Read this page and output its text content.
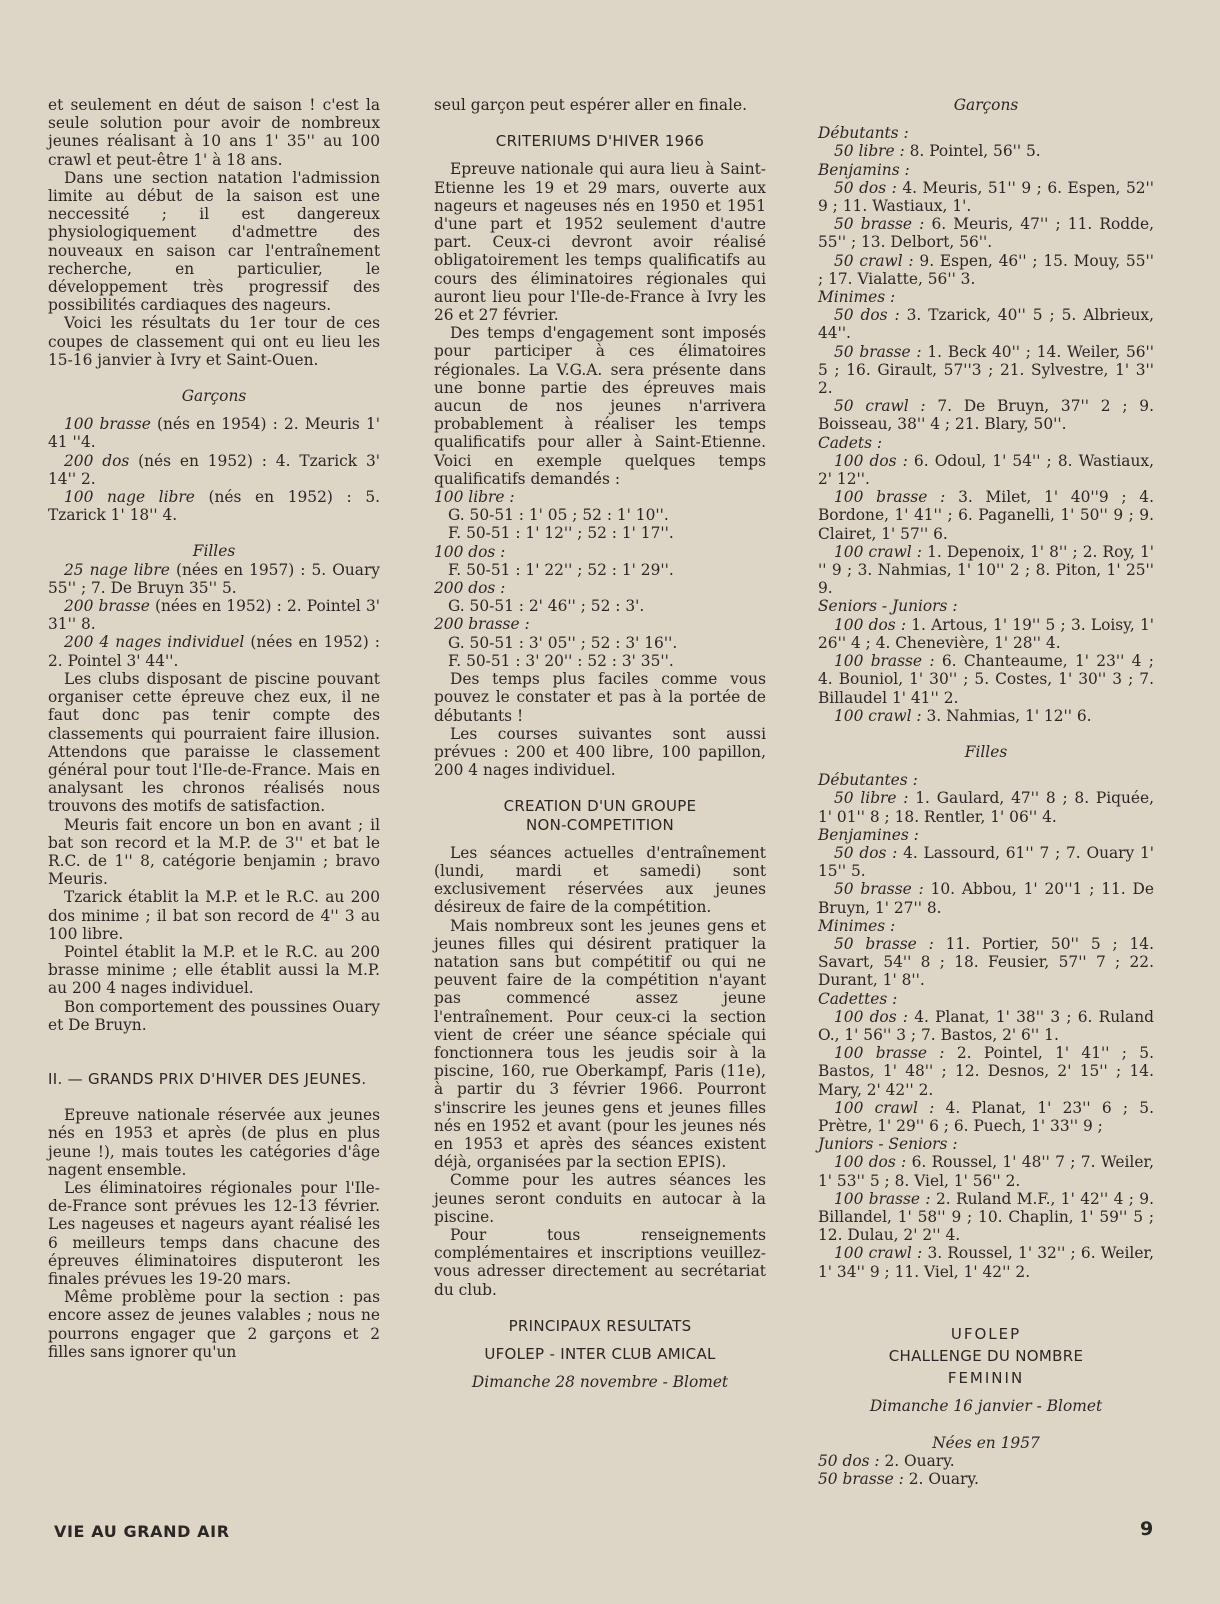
et seulement en déut de saison ! c'est la seule solution pour avoir de nombreux jeunes réalisant à 10 ans 1' 35'' au 100 crawl et peut-être 1' à 18 ans.

Dans une section natation l'admission limite au début de la saison est une neccessité ; il est dangereux physiologiquement d'admettre des nouveaux en saison car l'entraînement recherche, en particulier, le développement très progressif des possibilités cardiaques des nageurs.

Voici les résultats du 1er tour de ces coupes de classement qui ont eu lieu les 15-16 janvier à Ivry et Saint-Ouen.

Garçons

100 brasse (nés en 1954) : 2. Meuris 1' 41 ''4.

200 dos (nés en 1952) : 4. Tzarick 3' 14'' 2.

100 nage libre (nés en 1952) : 5. Tzarick 1' 18'' 4.

Filles

25 nage libre (nées en 1957) : 5. Ouary 55'' ; 7. De Bruyn 35'' 5.

200 brasse (nées en 1952) : 2. Pointel 3' 31'' 8.

200 4 nages individuel (nées en 1952) : 2. Pointel 3' 44''.

Les clubs disposant de piscine pouvant organiser cette épreuve chez eux, il ne faut donc pas tenir compte des classements qui pourraient faire illusion. Attendons que paraisse le classement général pour tout l'Ile-de-France. Mais en analysant les chronos réalisés nous trouvons des motifs de satisfaction.

Meuris fait encore un bon en avant ; il bat son record et la M.P. de 3'' et bat le R.C. de 1'' 8, catégorie benjamin ; bravo Meuris.

Tzarick établit la M.P. et le R.C. au 200 dos minime ; il bat son record de 4'' 3 au 100 libre.

Pointel établit la M.P. et le R.C. au 200 brasse minime ; elle établit aussi la M.P. au 200 4 nages individuel.

Bon comportement des poussines Ouary et De Bruyn.

II. — GRANDS PRIX D'HIVER DES JEUNES.

Epreuve nationale réservée aux jeunes nés en 1953 et après (de plus en plus jeune !), mais toutes les catégories d'âge nagent ensemble.

Les éliminatoires régionales pour l'Ile-de-France sont prévues les 12-13 février. Les nageuses et nageurs ayant réalisé les 6 meilleurs temps dans chacune des épreuves éliminatoires disputeront les finales prévues les 19-20 mars.

Même problème pour la section : pas encore assez de jeunes valables ; nous ne pourrons engager que 2 garçons et 2 filles sans ignorer qu'un

seul garçon peut espérer aller en finale.

CRITERIUMS D'HIVER 1966

Epreuve nationale qui aura lieu à Saint-Etienne les 19 et 29 mars, ouverte aux nageurs et nageuses nés en 1950 et 1951 d'une part et 1952 seulement d'autre part. Ceux-ci devront avoir réalisé obligatoirement les temps qualificatifs au cours des éliminatoires régionales qui auront lieu pour l'Ile-de-France à Ivry les 26 et 27 février.

Des temps d'engagement sont imposés pour participer à ces élimatoires régionales. La V.G.A. sera présente dans une bonne partie des épreuves mais aucun de nos jeunes n'arrivera probablement à réaliser les temps qualificatifs pour aller à Saint-Etienne. Voici en exemple quelques temps qualificatifs demandés :

100 libre :

G. 50-51 : 1' 05 ; 52 : 1' 10''.

F. 50-51 : 1' 12'' ; 52 : 1' 17''.

100 dos :

F. 50-51 : 1' 22'' ; 52 : 1' 29''.

200 dos :

G. 50-51 : 2' 46'' ; 52 : 3'.

200 brasse :

G. 50-51 : 3' 05'' ; 52 : 3' 16''.

F. 50-51 : 3' 20'' : 52 : 3' 35''.

Des temps plus faciles comme vous pouvez le constater et pas à la portée de débutants !

Les courses suivantes sont aussi prévues : 200 et 400 libre, 100 papillon, 200 4 nages individuel.

CREATION D'UN GROUPE

NON-COMPETITION

Les séances actuelles d'entraînement (lundi, mardi et samedi) sont exclusivement réservées aux jeunes désireux de faire de la compétition.

Mais nombreux sont les jeunes gens et jeunes filles qui désirent pratiquer la natation sans but compétitif ou qui ne peuvent faire de la compétition n'ayant pas commencé assez jeune l'entraînement. Pour ceux-ci la section vient de créer une séance spéciale qui fonctionnera tous les jeudis soir à la piscine, 160, rue Oberkampf, Paris (11e), à partir du 3 février 1966. Pourront s'inscrire les jeunes gens et jeunes filles nés en 1952 et avant (pour les jeunes nés en 1953 et après des séances existent déjà, organisées par la section EPIS).

Comme pour les autres séances les jeunes seront conduits en autocar à la piscine.

Pour tous renseignements complémentaires et inscriptions veuillez-vous adresser directement au secrétariat du club.

PRINCIPAUX RESULTATS

UFOLEP - INTER CLUB AMICAL

Dimanche 28 novembre - Blomet

Garçons

Débutants :

50 libre : 8. Pointel, 56'' 5.

Benjamins :

50 dos : 4. Meuris, 51'' 9 ; 6. Espen, 52'' 9 ; 11. Wastiaux, 1'.

50 brasse : 6. Meuris, 47'' ; 11. Rodde, 55'' ; 13. Delbort, 56''.

50 crawl : 9. Espen, 46'' ; 15. Mouy, 55'' ; 17. Vialatte, 56'' 3.

Minimes :

50 dos : 3. Tzarick, 40'' 5 ; 5. Albrieux, 44''.

50 brasse : 1. Beck 40'' ; 14. Weiler, 56'' 5 ; 16. Girault, 57''3 ; 21. Sylvestre, 1' 3'' 2.

50 crawl : 7. De Bruyn, 37'' 2 ; 9. Boisseau, 38'' 4 ; 21. Blary, 50''.

Cadets :

100 dos : 6. Odoul, 1' 54'' ; 8. Wastiaux, 2' 12''.

100 brasse : 3. Milet, 1' 40''9 ; 4. Bordone, 1' 41'' ; 6. Paganelli, 1' 50'' 9 ; 9. Clairet, 1' 57'' 6.

100 crawl : 1. Depenoix, 1' 8'' ; 2. Roy, 1' '' 9 ; 3. Nahmias, 1' 10'' 2 ; 8. Piton, 1' 25'' 9.

Seniors - Juniors :

100 dos : 1. Artous, 1' 19'' 5 ; 3. Loisy, 1' 26'' 4 ; 4. Chenevière, 1' 28'' 4.

100 brasse : 6. Chanteaume, 1' 23'' 4 ; 4. Bouniol, 1' 30'' ; 5. Costes, 1' 30'' 3 ; 7. Billaudel 1' 41'' 2.

100 crawl : 3. Nahmias, 1' 12'' 6.

Filles

Débutantes :

50 libre : 1. Gaulard, 47'' 8 ; 8. Piquée, 1' 01'' 8 ; 18. Rentler, 1' 06'' 4.

Benjamines :

50 dos : 4. Lassourd, 61'' 7 ; 7. Ouary 1' 15'' 5.

50 brasse : 10. Abbou, 1' 20''1 ; 11. De Bruyn, 1' 27'' 8.

Minimes :

50 brasse : 11. Portier, 50'' 5 ; 14. Savart, 54'' 8 ; 18. Feusier, 57'' 7 ; 22. Durant, 1' 8''.

Cadettes :

100 dos : 4. Planat, 1' 38'' 3 ; 6. Ruland O., 1' 56'' 3 ; 7. Bastos, 2' 6'' 1.

100 brasse : 2. Pointel, 1' 41'' ; 5. Bastos, 1' 48'' ; 12. Desnos, 2' 15'' ; 14. Mary, 2' 42'' 2.

100 crawl : 4. Planat, 1' 23'' 6 ; 5. Prètre, 1' 29'' 6 ; 6. Puech, 1' 33'' 9 ;

Juniors - Seniors :

100 dos : 6. Roussel, 1' 48'' 7 ; 7. Weiler, 1' 53'' 5 ; 8. Viel, 1' 56'' 2.

100 brasse : 2. Ruland M.F., 1' 42'' 4 ; 9. Billandel, 1' 58'' 9 ; 10. Chaplin, 1' 59'' 5 ; 12. Dulau, 2' 2'' 4.

100 crawl : 3. Roussel, 1' 32'' ; 6. Weiler, 1' 34'' 9 ; 11. Viel, 1' 42'' 2.

UFOLEP

CHALLENGE DU NOMBRE

FEMININ

Dimanche 16 janvier - Blomet

Nées en 1957

50 dos : 2. Ouary.

50 brasse : 2. Ouary.

VIE AU GRAND AIR	9
